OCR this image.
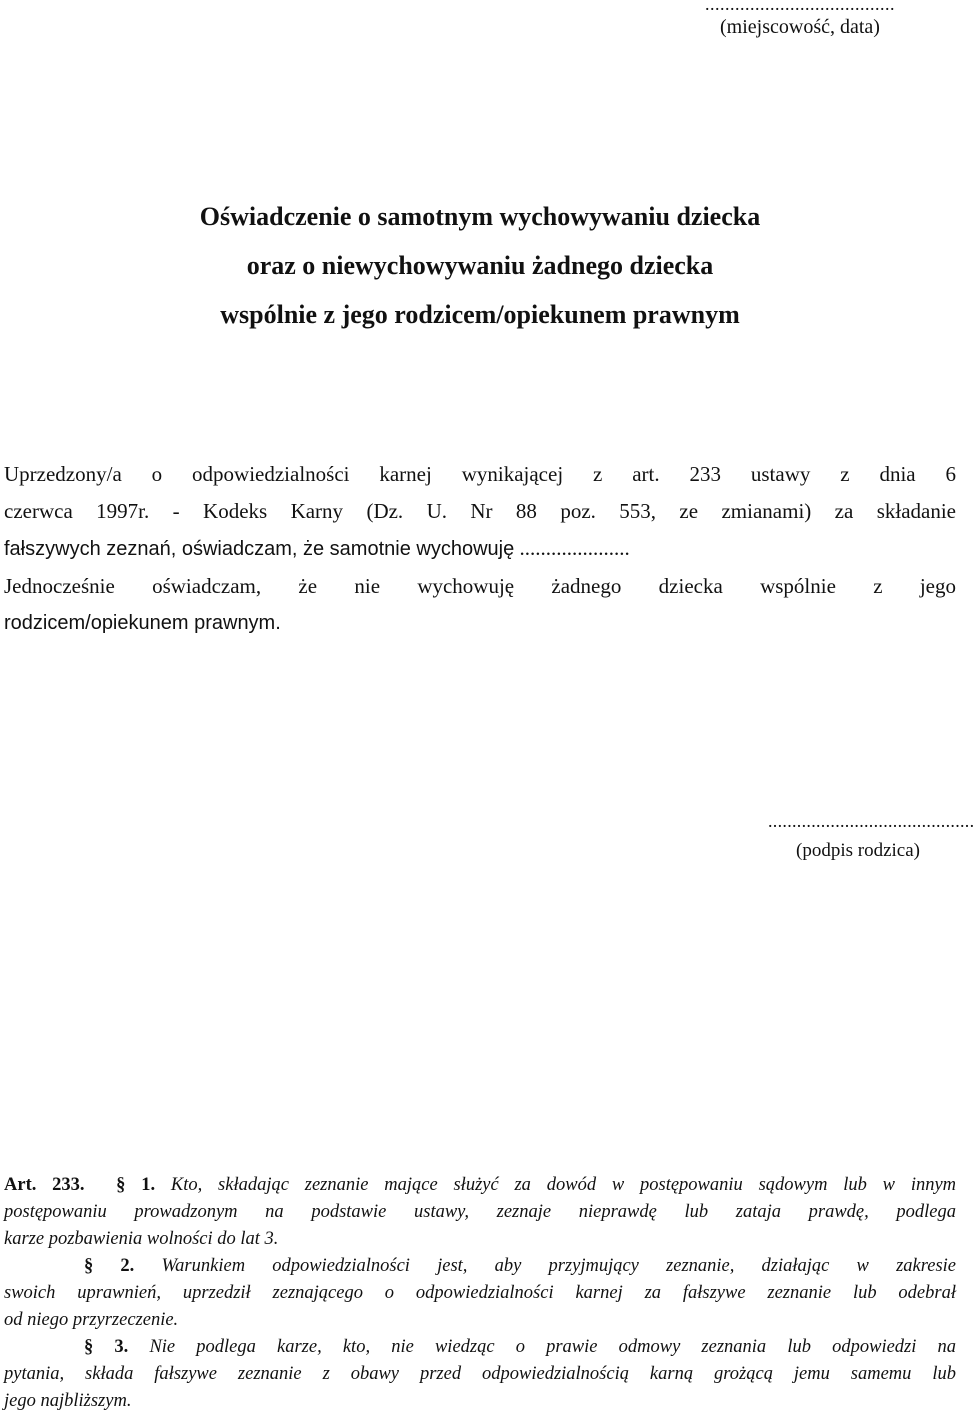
......................................
(miejscowość, data)
Oświadczenie o samotnym wychowywaniu dziecka
oraz o niewychowywaniu żadnego dziecka
wspólnie z jego rodzicem/opiekunem prawnym
Uprzedzony/a o odpowiedzialności karnej wynikającej z art. 233 ustawy z dnia 6
czerwca 1997r. - Kodeks Karny (Dz. U. Nr 88 poz. 553, ze zmianami) za składanie
fałszywych zeznań, oświadczam, że samotnie wychowuję .....................
Jednocześnie oświadczam, że nie wychowuję żadnego dziecka wspólnie z jego
rodzicem/opiekunem prawnym.
...........................................
(podpis rodzica)
Art. 233. § 1. Kto, składając zeznanie mające służyć za dowód w postępowaniu sądowym lub w innym
postępowaniu prowadzonym na podstawie ustawy, zeznaje nieprawdę lub zataja prawdę, podlega
karze pozbawienia wolności do lat 3.
§ 2. Warunkiem odpowiedzialności jest, aby przyjmujący zeznanie, działając w zakresie
swoich uprawnień, uprzedził zeznającego o odpowiedzialności karnej za fałszywe zeznanie lub odebrał
od niego przyrzeczenie.
§ 3. Nie podlega karze, kto, nie wiedząc o prawie odmowy zeznania lub odpowiedzi na
pytania, składa fałszywe zeznanie z obawy przed odpowiedzialnością karną grożącą jemu samemu lub
jego najbliższym.
